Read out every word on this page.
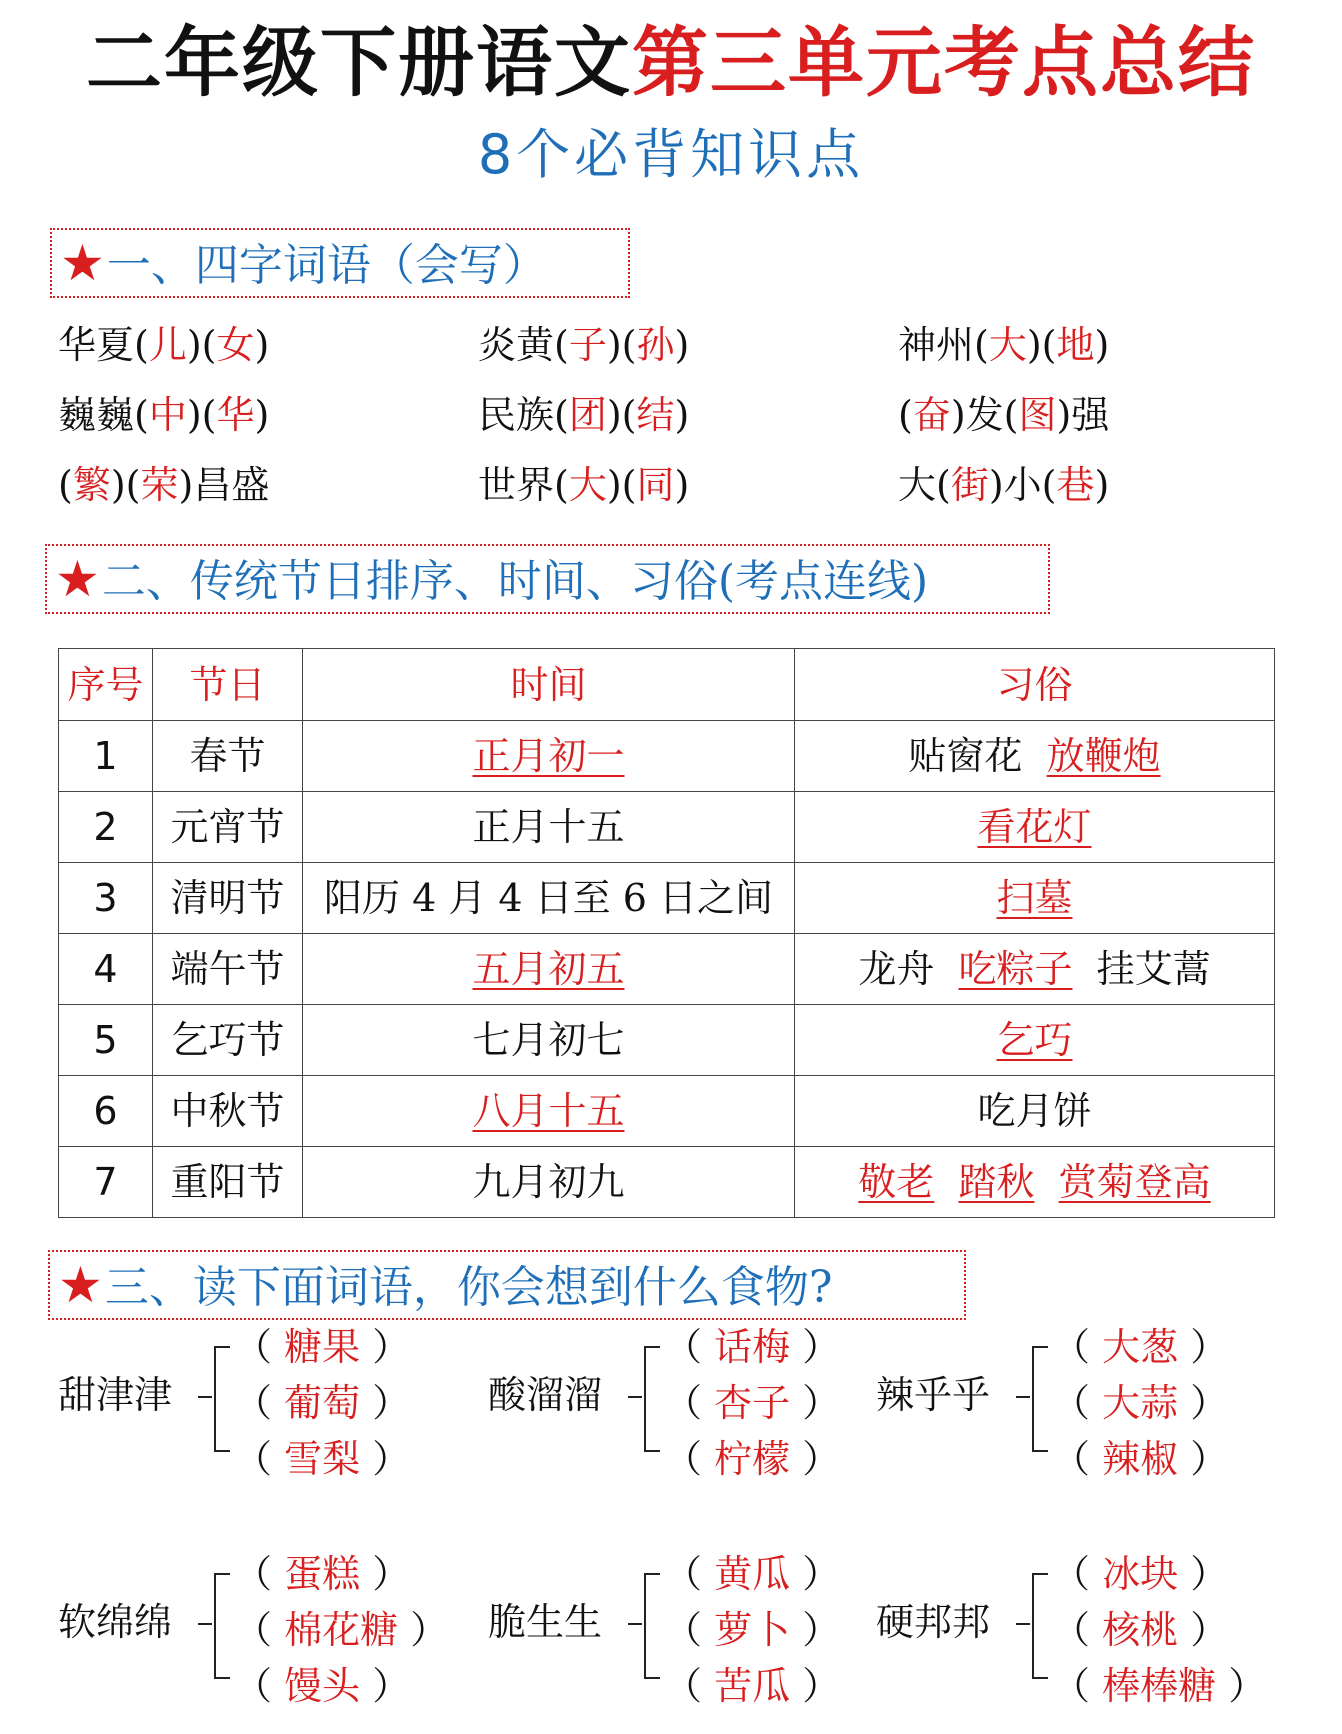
二年级下册语文第三单元考点总结
8个必背知识点
★一、四字词语（会写）
华夏(儿)(女)	炎黄(子)(孙)	神州(大)(地)
巍巍(中)(华)	民族(团)(结)	(奋)发(图)强
(繁)(荣)昌盛	世界(大)(同)	大(街)小(巷)
★二、传统节日排序、时间、习俗(考点连线)
序号	节日	时间	习俗
1	春节	正月初一	贴窗花  放鞭炮
2	元宵节	正月十五	看花灯
3	清明节	阳历 4 月 4 日至 6 日之间	扫墓
4	端午节	五月初五	龙舟  吃粽子  挂艾蒿
5	乞巧节	七月初七	乞巧
6	中秋节	八月十五	吃月饼
7	重阳节	九月初九	敬老 踏秋 赏菊登高
★三、读下面词语，你会想到什么食物?
甜津津
（ 糖果 ）
（ 葡萄 ）
（ 雪梨 ）
酸溜溜
（ 话梅 ）
（ 杏子 ）
（ 柠檬 ）
辣乎乎
（ 大葱 ）
（ 大蒜 ）
（ 辣椒 ）
软绵绵
（ 蛋糕 ）
（ 棉花糖 ）
（ 馒头 ）
脆生生
（ 黄瓜 ）
（ 萝卜 ）
（ 苦瓜 ）
硬邦邦
（ 冰块 ）
（ 核桃 ）
（ 棒棒糖 ）
